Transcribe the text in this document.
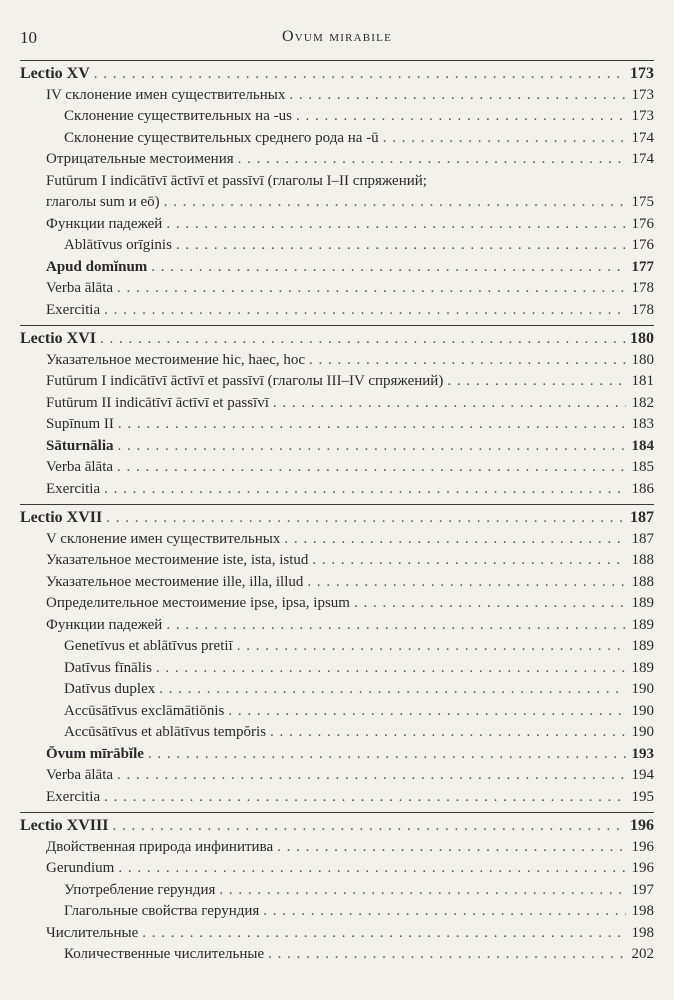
10	Ovum mirabile
Lectio XV . . .	173
IV склонение имен существительных . . .	173
Склонение существительных на -us . . .	173
Склонение существительных среднего рода на -ū . . .	174
Отрицательные местоимения . . .	174
Futūrum I indicātīvī āctīvī et passīvī (глаголы I–II спряжений;
глаголы sum и eō) . . .	175
Функции падежей . . .	176
Ablātīvus orīginis . . .	176
Apud domĭnum . . .	177
Verba ālāta . . .	178
Exercitia . . .	178
Lectio XVI . . .	180
Указательное местоимение hic, haec, hoc . . .	180
Futūrum I indicātīvī āctīvī et passīvī (глаголы III–IV спряжений) . . .	181
Futūrum II indicātīvī āctīvī et passīvī . . .	182
Supīnum II . . .	183
Sāturnālia . . .	184
Verba ālāta . . .	185
Exercitia . . .	186
Lectio XVII . . .	187
V склонение имен существительных . . .	187
Указательное местоимение iste, ista, istud . . .	188
Указательное местоимение ille, illa, illud . . .	188
Определительное местоимение ipse, ipsa, ipsum . . .	189
Функции падежей . . .	189
Genetīvus et ablātīvus pretiī . . .	189
Datīvus fīnālis . . .	189
Datīvus duplex . . .	190
Accūsātīvus exclāmātiōnis . . .	190
Accūsātīvus et ablātīvus tempŏris . . .	190
Ōvum mīrābĭle . . .	193
Verba ālāta . . .	194
Exercitia . . .	195
Lectio XVIII . . .	196
Двойственная природа инфинитива . . .	196
Gerundium . . .	196
Употребление герундия . . .	197
Глагольные свойства герундия . . .	198
Числительные . . .	198
Количественные числительные . . .	202
